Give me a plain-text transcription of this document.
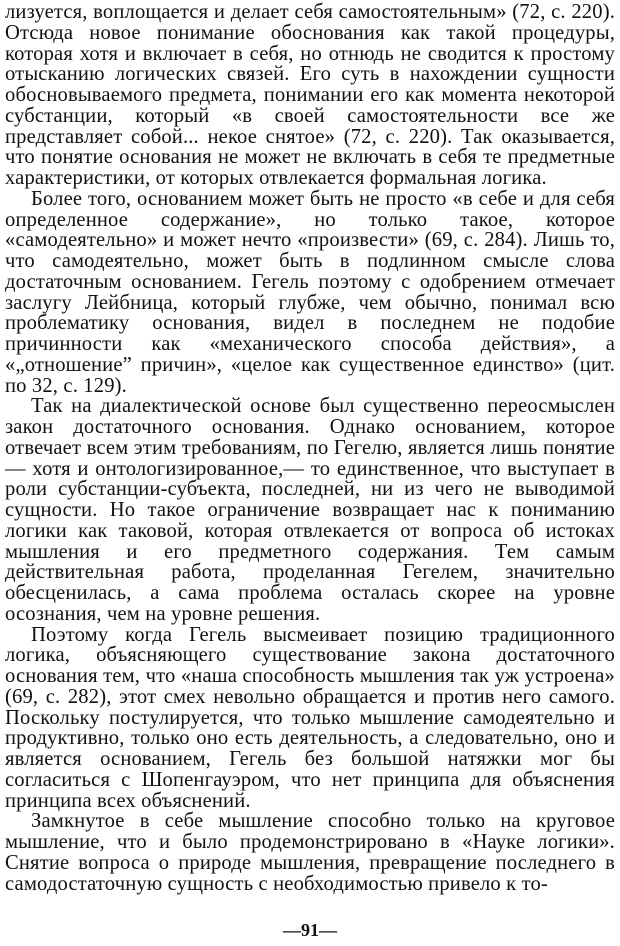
лизуется, воплощается и делает себя самостоятельным» (72, с. 220). Отсюда новое понимание обоснования как такой процедуры, которая хотя и включает в себя, но отнюдь не сводится к простому отысканию логических связей. Его суть в нахождении сущности обосновываемого предмета, понимании его как момента некоторой субстанции, который «в своей самостоятельности все же представляет собой... некое снятое» (72, с. 220). Так оказывается, что понятие основания не может не включать в себя те предметные характеристики, от которых отвлекается формальная логика.

Более того, основанием может быть не просто «в себе и для себя определенное содержание», но только такое, которое «самодеятельно» и может нечто «произвести» (69, с. 284). Лишь то, что самодеятельно, может быть в подлинном смысле слова достаточным основанием. Гегель поэтому с одобрением отмечает заслугу Лейбница, который глубже, чем обычно, понимал всю проблематику основания, видел в последнем не подобие причинности как «механического способа действия», а «„отношение” причин», «целое как существенное единство» (цит. по 32, с. 129).

Так на диалектической основе был существенно переосмыслен закон достаточного основания. Однако основанием, которое отвечает всем этим требованиям, по Гегелю, является лишь понятие — хотя и онтологизированное,— то единственное, что выступает в роли субстанции-субъекта, последней, ни из чего не выводимой сущности. Но такое ограничение возвращает нас к пониманию логики как таковой, которая отвлекается от вопроса об истоках мышления и его предметного содержания. Тем самым действительная работа, проделанная Гегелем, значительно обесценилась, а сама проблема осталась скорее на уровне осознания, чем на уровне решения.

Поэтому когда Гегель высмеивает позицию традиционного логика, объясняющего существование закона достаточного основания тем, что «наша способность мышления так уж устроена» (69, с. 282), этот смех невольно обращается и против него самого. Поскольку постулируется, что только мышление самодеятельно и продуктивно, только оно есть деятельность, а следовательно, оно и является основанием, Гегель без большой натяжки мог бы согласиться с Шопенгауэром, что нет принципа для объяснения принципа всех объяснений.

Замкнутое в себе мышление способно только на круговое мышление, что и было продемонстрировано в «Науке логики». Снятие вопроса о природе мышления, превращение последнего в самодостаточную сущность с необходимостью привело к то-

—91—
